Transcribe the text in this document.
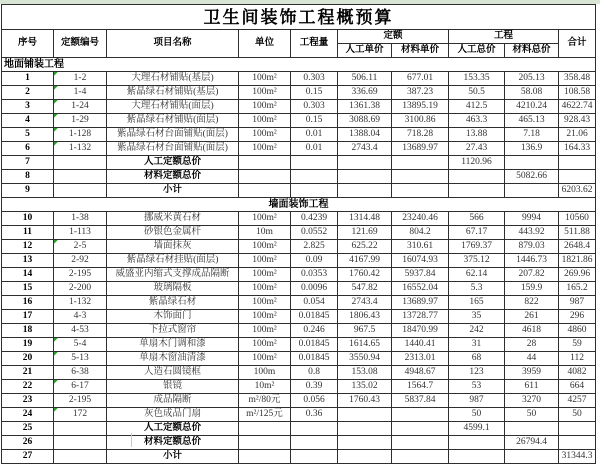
卫生间装饰工程概预算									
序号	定额编号	项目名称	单位	工程量	定额		工程		合计
					人工单价	材料单价	人工总价	材料总价	
地面铺装工程									
1	1-2	大理石材铺贴(基层)	100m²	0.303	506.11	677.01	153.35	205.13	358.48
2	1-4	紫晶绿石材铺贴(基层)	100m²	0.15	336.69	387.23	50.5	58.08	108.58
3	1-24	大理石材铺贴(面层)	100m²	0.303	1361.38	13895.19	412.5	4210.24	4622.74
4	1-29	紫晶绿石材铺贴(面层)	100m²	0.15	3088.69	3100.86	463.3	465.13	928.43
5	1-128	紫晶绿石材台面铺贴(面层)	100m²	0.01	1388.04	718.28	13.88	7.18	21.06
6	1-132	紫晶绿石材台面铺贴(面层)	100m²	0.01	2743.4	13689.97	27.43	136.9	164.33
7		人工定额总价					1120.96		
8		材料定额总价						5082.66	
9		小计							6203.62
墙面装饰工程									
10	1-38	挪威米黄石材	100m²	0.4239	1314.48	23240.46	566	9994	10560
11	1-113	砂银色金属杆	10m	0.0552	121.69	804.2	67.17	443.92	511.88
12	2-5	墙面抹灰	100m²	2.825	625.22	310.61	1769.37	879.03	2648.4
13	2-92	紫晶绿石材挂贴(面层)	100m²	0.09	4167.99	16074.93	375.12	1446.73	1821.86
14	2-195	威盛亚内缩式支撑成品隔断	100m²	0.0353	1760.42	5937.84	62.14	207.82	269.96
15	2-200	玻璃隔板	100m²	0.0096	547.82	16552.04	5.3	159.9	165.2
16	1-132	紫晶绿石材	100m²	0.054	2743.4	13689.97	165	822	987
17	4-3	木饰面门	100m²	0.01845	1806.43	13728.77	35	261	296
18	4-53	下拉式窗帘	100m²	0.246	967.5	18470.99	242	4618	4860
19	5-4	单扇木门调和漆	100m²	0.01845	1614.65	1440.41	31	28	59
20	5-13	单扇木窗油清漆	100m²	0.01845	3550.94	2313.01	68	44	112
21	6-38	人造石圆镜框	100m	0.8	153.08	4948.67	123	3959	4082
22	6-17	银镜	10m²	0.39	135.02	1564.7	53	611	664
23	2-195	成品隔断	m²/80元	0.056	1760.43	5837.84	987	3270	4257
24	172	灰色成品门扇	m²/125元	0.36			50	50	50
25		人工定额总价					4599.1		
26		材料定额总价						26794.4	
27		小计							31344.3
